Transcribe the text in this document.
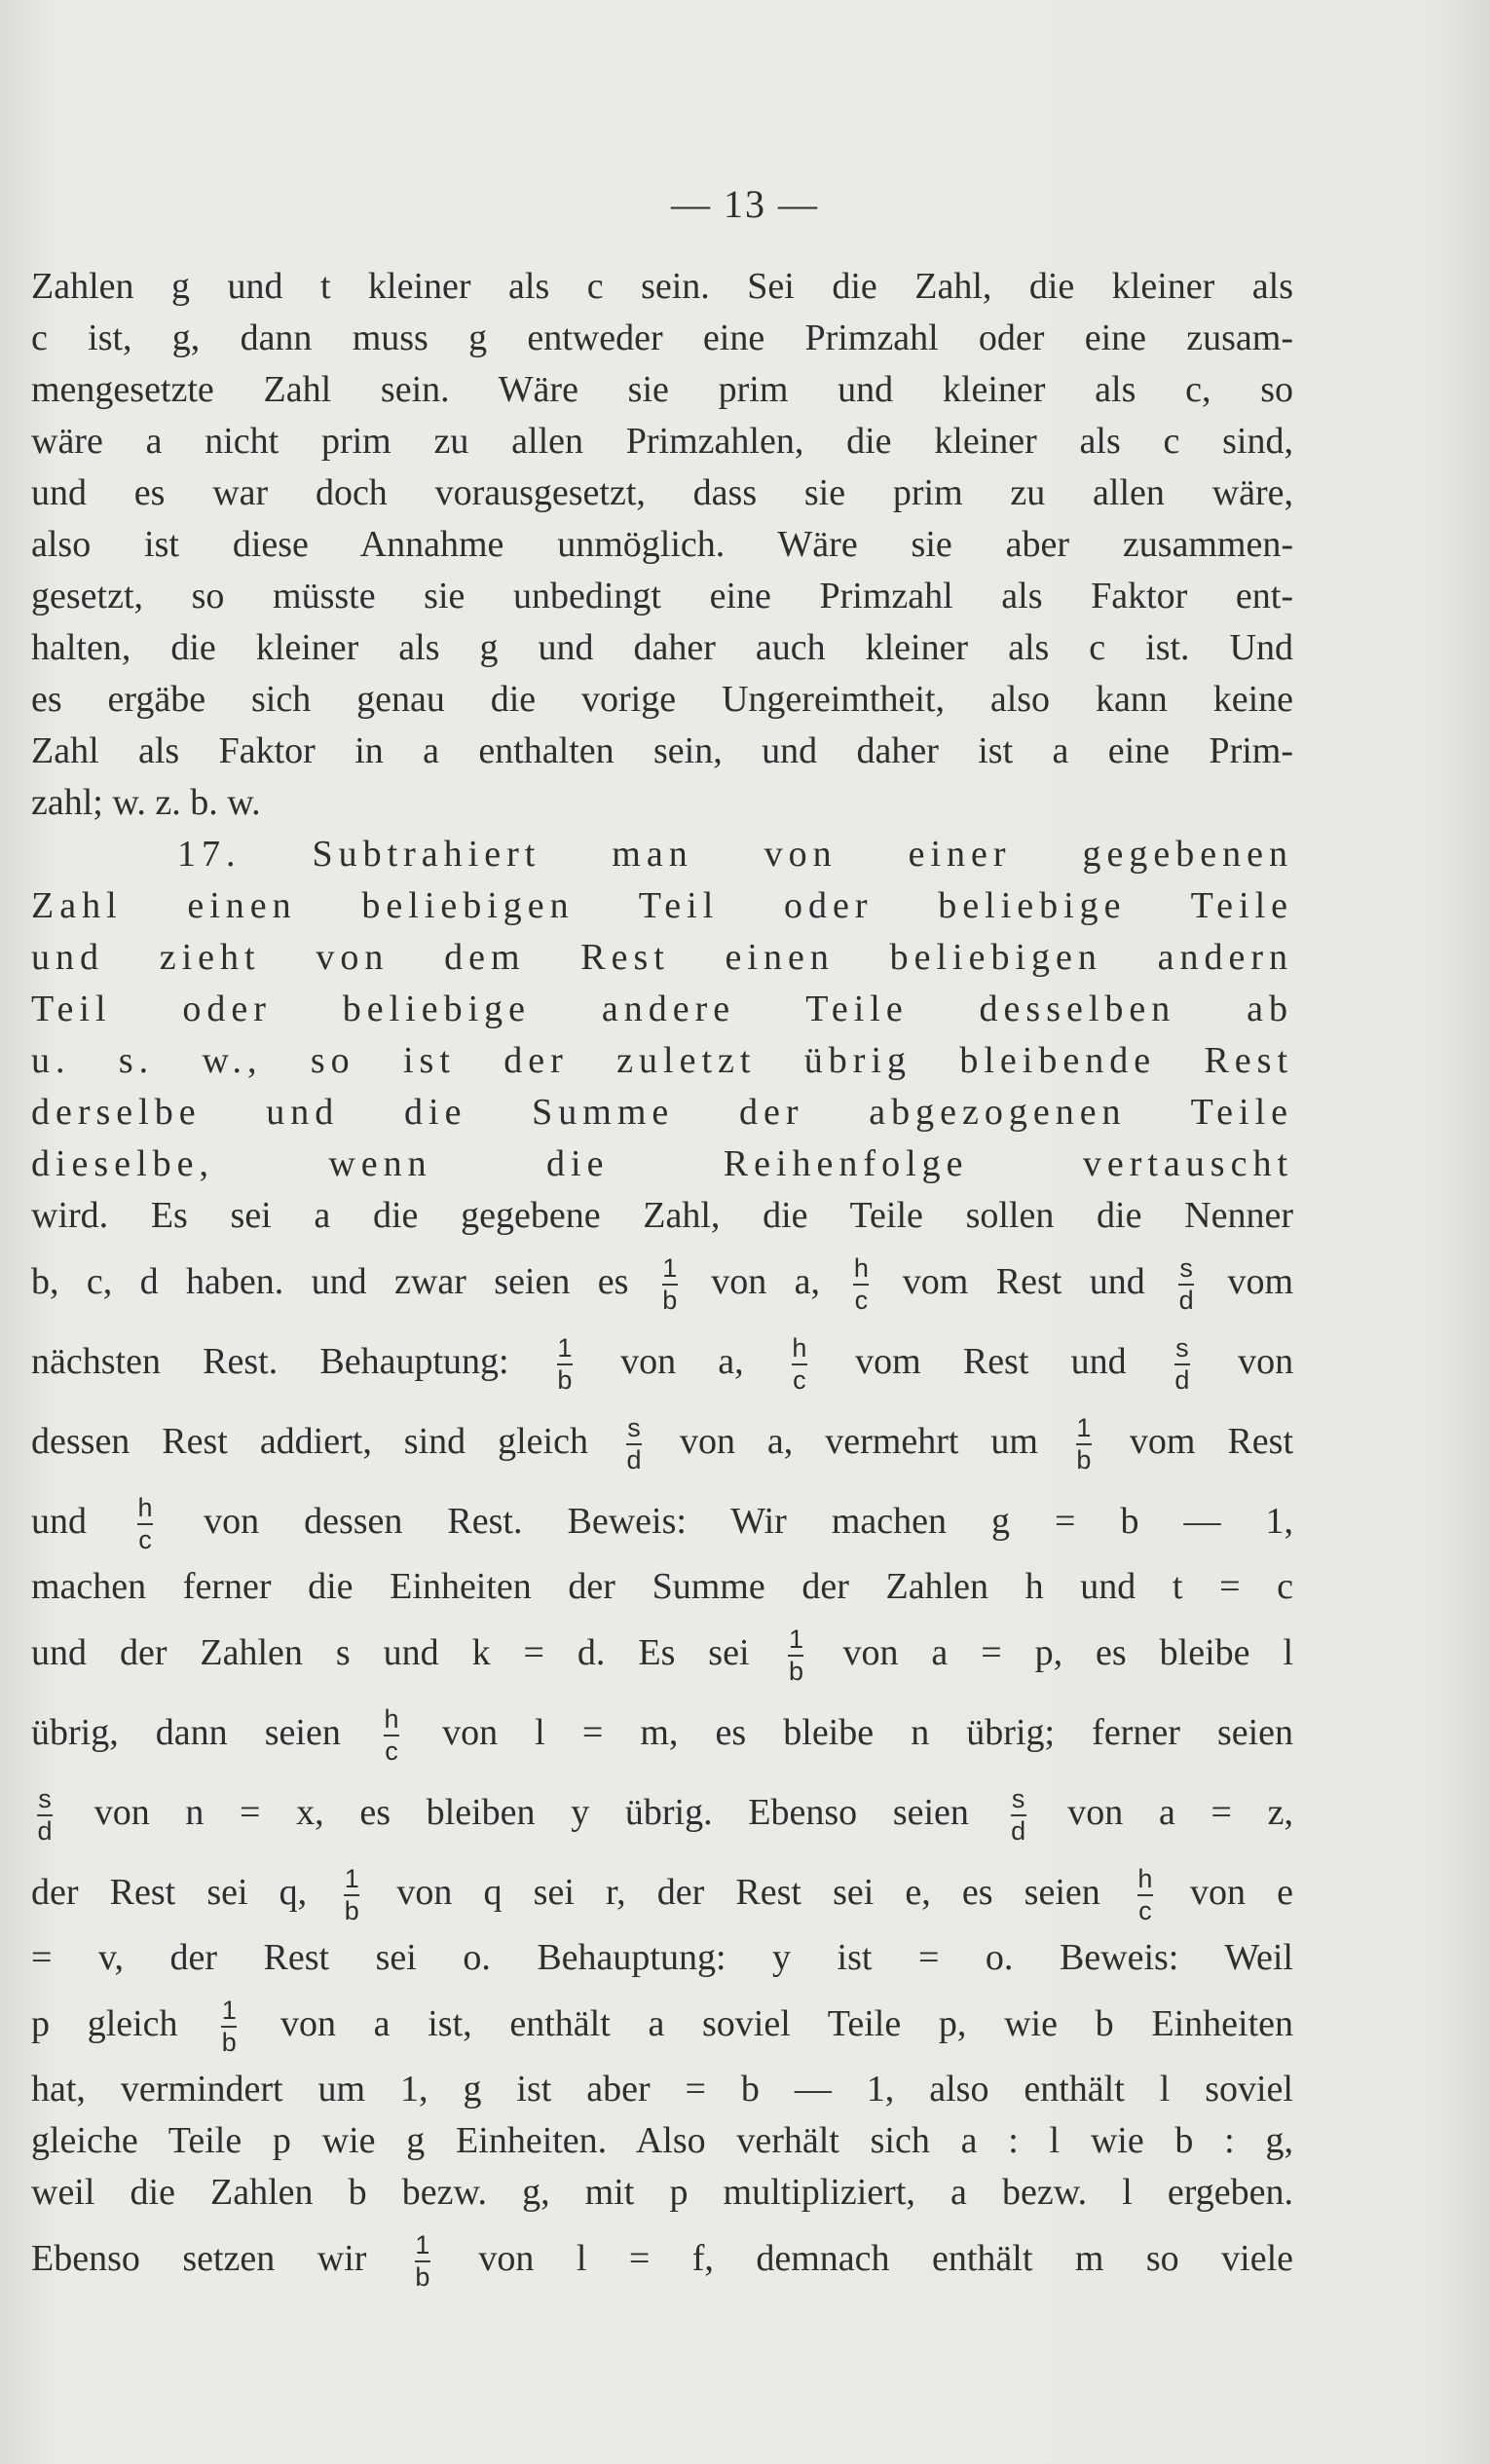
— 13 —
Zahlen g und t kleiner als c sein. Sei die Zahl, die kleiner als
c ist, g, dann muss g entweder eine Primzahl oder eine zusam-
mengesetzte Zahl sein. Wäre sie prim und kleiner als c, so
wäre a nicht prim zu allen Primzahlen, die kleiner als c sind,
und es war doch vorausgesetzt, dass sie prim zu allen wäre,
also ist diese Annahme unmöglich. Wäre sie aber zusammen-
gesetzt, so müsste sie unbedingt eine Primzahl als Faktor ent-
halten, die kleiner als g und daher auch kleiner als c ist. Und
es ergäbe sich genau die vorige Ungereimtheit, also kann keine
Zahl als Faktor in a enthalten sein, und daher ist a eine Prim-
zahl; w. z. b. w.
17. Subtrahiert man von einer gegebenen
Zahl einen beliebigen Teil oder beliebige Teile
und zieht von dem Rest einen beliebigen andern
Teil oder beliebige andere Teile desselben ab
u. s. w., so ist der zuletzt übrig bleibende Rest
derselbe und die Summe der abgezogenen Teile
dieselbe, wenn die Reihenfolge vertauscht
wird. Es sei a die gegebene Zahl, die Teile sollen die Nenner
b, c, d haben. und zwar seien es $\frac{1}{b}$ von a, $\frac{h}{c}$ vom Rest und $\frac{s}{d}$ vom
nächsten Rest. Behauptung: $\frac{1}{b}$ von a, $\frac{h}{c}$ vom Rest und $\frac{s}{d}$ von
dessen Rest addiert, sind gleich $\frac{s}{d}$ von a, vermehrt um $\frac{1}{b}$ vom Rest
und $\frac{h}{c}$ von dessen Rest. Beweis: Wir machen g = b — 1,
machen ferner die Einheiten der Summe der Zahlen h und t = c
und der Zahlen s und k = d. Es sei $\frac{1}{b}$ von a = p, es bleibe l
übrig, dann seien $\frac{h}{c}$ von l = m, es bleibe n übrig; ferner seien
$\frac{s}{d}$ von n = x, es bleiben y übrig. Ebenso seien $\frac{s}{d}$ von a = z,
der Rest sei q, $\frac{1}{b}$ von q sei r, der Rest sei e, es seien $\frac{h}{c}$ von e
= v, der Rest sei o. Behauptung: y ist = o. Beweis: Weil
p gleich $\frac{1}{b}$ von a ist, enthält a soviel Teile p, wie b Einheiten
hat, vermindert um 1, g ist aber = b — 1, also enthält l soviel
gleiche Teile p wie g Einheiten. Also verhält sich a : l wie b : g,
weil die Zahlen b bezw. g, mit p multipliziert, a bezw. l ergeben.
Ebenso setzen wir $\frac{1}{b}$ von l = f, demnach enthält m so viele
